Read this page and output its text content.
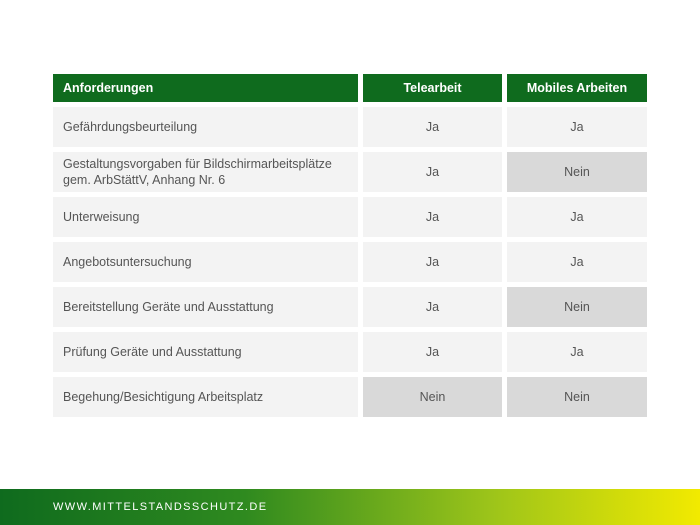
Anforderungen	Telearbeit	Mobiles Arbeiten
Gefährdungsbeurteilung	Ja	Ja
Gestaltungsvorgaben für Bildschirmarbeitsplätze
gem. ArbStättV, Anhang Nr. 6
Ja	Nein
Unterweisung	Ja	Ja
Angebotsuntersuchung	Ja	Ja
Bereitstellung Geräte und Ausstattung	Ja	Nein
Prüfung Geräte und Ausstattung	Ja	Ja
Begehung/Besichtigung Arbeitsplatz	Nein	Nein
WWW.MITTELSTANDSSCHUTZ.DE
